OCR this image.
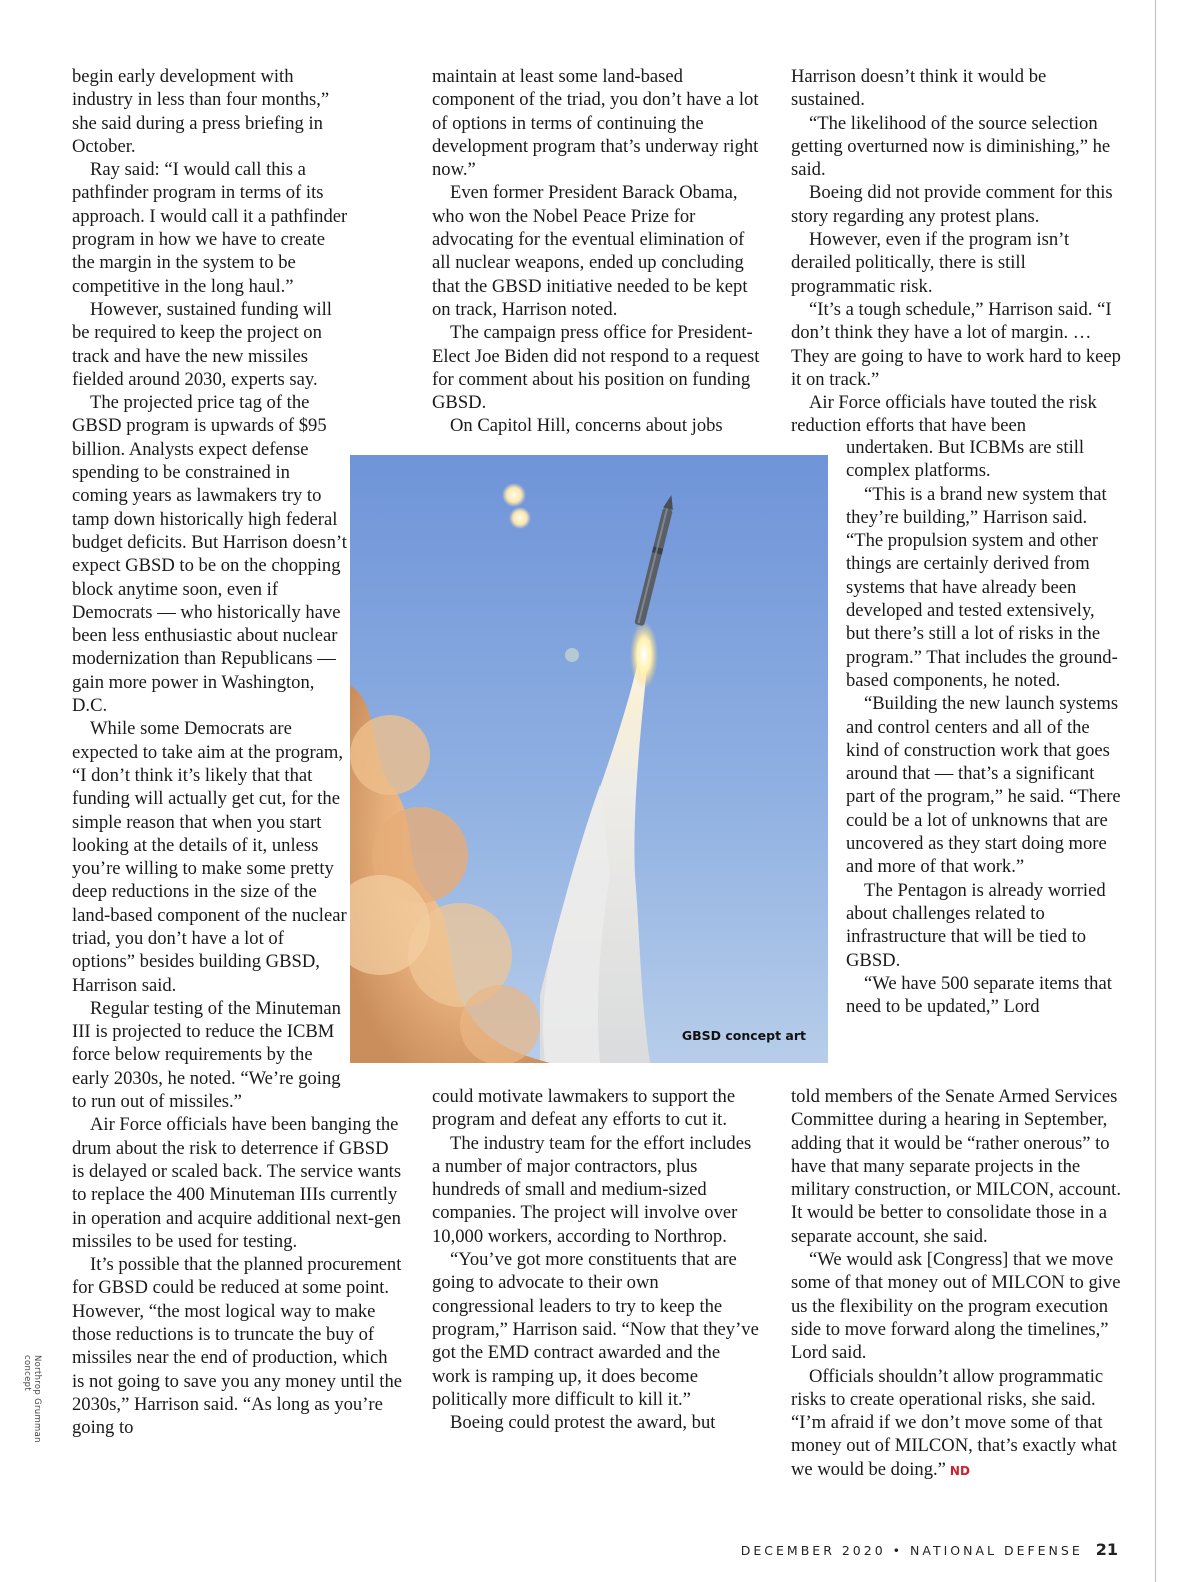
begin early development with industry in less than four months,” she said during a press briefing in October.

Ray said: “I would call this a pathfinder program in terms of its approach. I would call it a pathfinder program in how we have to create the margin in the system to be competitive in the long haul.”

However, sustained funding will be required to keep the project on track and have the new missiles fielded around 2030, experts say.

The projected price tag of the GBSD program is upwards of $95 billion. Analysts expect defense spending to be constrained in coming years as lawmakers try to tamp down historically high federal budget deficits. But Harrison doesn’t expect GBSD to be on the chopping block anytime soon, even if Democrats — who historically have been less enthusiastic about nuclear modernization than Republicans — gain more power in Washington, D.C.

While some Democrats are expected to take aim at the program, “I don’t think it’s likely that that funding will actually get cut, for the simple reason that when you start looking at the details of it, unless you’re willing to make some pretty deep reductions in the size of the land-based component of the nuclear triad, you don’t have a lot of options” besides building GBSD, Harrison said.

Regular testing of the Minuteman III is projected to reduce the ICBM force below requirements by the early 2030s, he noted. “We’re going to run out of missiles.”

Air Force officials have been banging the drum about the risk to deterrence if GBSD is delayed or scaled back. The service wants to replace the 400 Minuteman IIIs currently in operation and acquire additional next-gen missiles to be used for testing.

It’s possible that the planned procurement for GBSD could be reduced at some point. However, “the most logical way to make those reductions is to truncate the buy of missiles near the end of production, which is not going to save you any money until the 2030s,” Harrison said. “As long as you’re going to

maintain at least some land-based component of the triad, you don’t have a lot of options in terms of continuing the development program that’s underway right now.”

Even former President Barack Obama, who won the Nobel Peace Prize for advocating for the eventual elimination of all nuclear weapons, ended up concluding that the GBSD initiative needed to be kept on track, Harrison noted.

The campaign press office for President-Elect Joe Biden did not respond to a request for comment about his position on funding GBSD.

On Capitol Hill, concerns about jobs

GBSD concept art

could motivate lawmakers to support the program and defeat any efforts to cut it.

The industry team for the effort includes a number of major contractors, plus hundreds of small and medium-sized companies. The project will involve over 10,000 workers, according to Northrop.

“You’ve got more constituents that are going to advocate to their own congressional leaders to try to keep the program,” Harrison said. “Now that they’ve got the EMD contract awarded and the work is ramping up, it does become politically more difficult to kill it.”

Boeing could protest the award, but

Harrison doesn’t think it would be sustained.

“The likelihood of the source selection getting overturned now is diminishing,” he said.

Boeing did not provide comment for this story regarding any protest plans.

However, even if the program isn’t derailed politically, there is still programmatic risk.

“It’s a tough schedule,” Harrison said. “I don’t think they have a lot of margin. … They are going to have to work hard to keep it on track.”

Air Force officials have touted the risk reduction efforts that have been

undertaken. But ICBMs are still complex platforms.

“This is a brand new system that they’re building,” Harrison said. “The propulsion system and other things are certainly derived from systems that have already been developed and tested extensively, but there’s still a lot of risks in the program.” That includes the ground-based components, he noted.

“Building the new launch systems and control centers and all of the kind of construction work that goes around that — that’s a significant part of the program,” he said. “There could be a lot of unknowns that are uncovered as they start doing more and more of that work.”

The Pentagon is already worried about challenges related to infrastructure that will be tied to GBSD.

“We have 500 separate items that need to be updated,” Lord

told members of the Senate Armed Services Committee during a hearing in September, adding that it would be “rather onerous” to have that many separate projects in the military construction, or MILCON, account. It would be better to consolidate those in a separate account, she said.

“We would ask [Congress] that we move some of that money out of MILCON to give us the flexibility on the program execution side to move forward along the timelines,” Lord said.

Officials shouldn’t allow programmatic risks to create operational risks, she said. “I’m afraid if we don’t move some of that money out of MILCON, that’s exactly what we would be doing.” ND

Northrop Grumman concept
DECEMBER 2020 • NATIONAL DEFENSE 21
